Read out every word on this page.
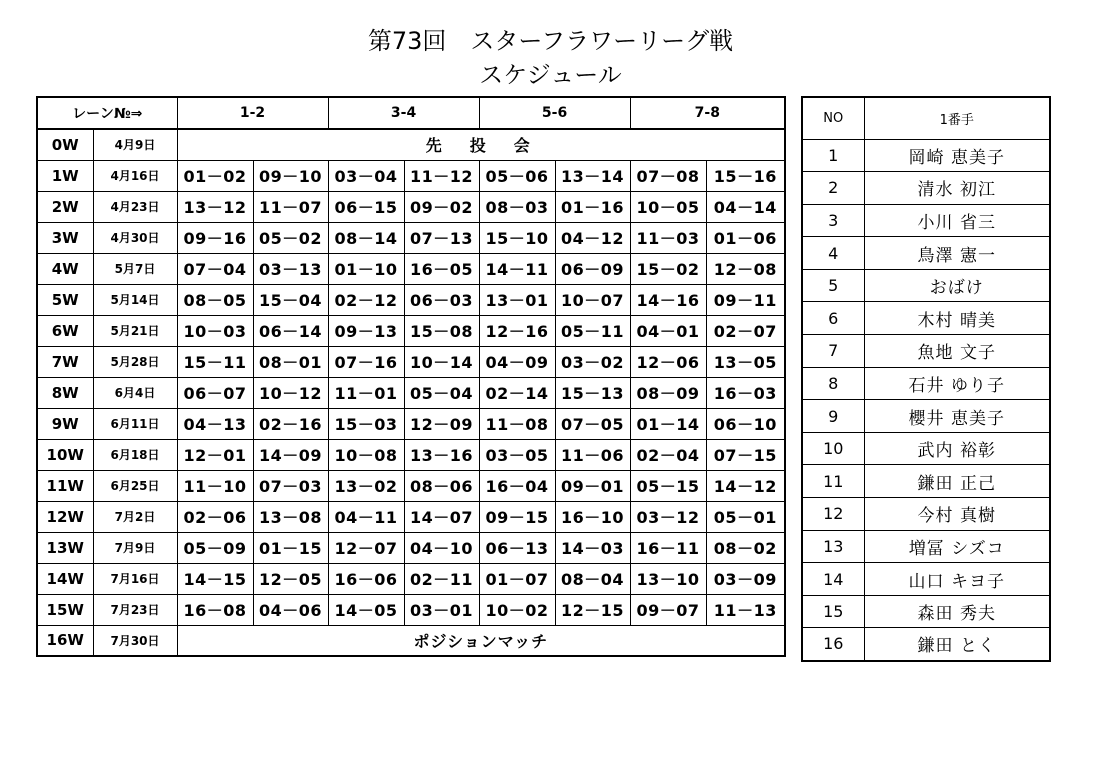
第73回　スターフラワーリーグ戦
スケジュール
レーン№⇒		1-2		3-4		5-6		7-8	
0W	4月9日	先　投　会							
1W	4月16日	01－02	09－10	03－04	11－12	05－06	13－14	07－08	15－16
2W	4月23日	13－12	11－07	06－15	09－02	08－03	01－16	10－05	04－14
3W	4月30日	09－16	05－02	08－14	07－13	15－10	04－12	11－03	01－06
4W	5月7日	07－04	03－13	01－10	16－05	14－11	06－09	15－02	12－08
5W	5月14日	08－05	15－04	02－12	06－03	13－01	10－07	14－16	09－11
6W	5月21日	10－03	06－14	09－13	15－08	12－16	05－11	04－01	02－07
7W	5月28日	15－11	08－01	07－16	10－14	04－09	03－02	12－06	13－05
8W	6月4日	06－07	10－12	11－01	05－04	02－14	15－13	08－09	16－03
9W	6月11日	04－13	02－16	15－03	12－09	11－08	07－05	01－14	06－10
10W	6月18日	12－01	14－09	10－08	13－16	03－05	11－06	02－04	07－15
11W	6月25日	11－10	07－03	13－02	08－06	16－04	09－01	05－15	14－12
12W	7月2日	02－06	13－08	04－11	14－07	09－15	16－10	03－12	05－01
13W	7月9日	05－09	01－15	12－07	04－10	06－13	14－03	16－11	08－02
14W	7月16日	14－15	12－05	16－06	02－11	01－07	08－04	13－10	03－09
15W	7月23日	16－08	04－06	14－05	03－01	10－02	12－15	09－07	11－13
16W	7月30日	ポジションマッチ							
NO	1番手
1	岡崎 恵美子
2	清水 初江
3	小川 省三
4	鳥澤 憲一
5	おばけ
6	木村 晴美
7	魚地 文子
8	石井 ゆり子
9	櫻井 恵美子
10	武内 裕彰
11	鎌田 正己
12	今村 真樹
13	増冨 シズコ
14	山口 キヨ子
15	森田 秀夫
16	鎌田 とく
